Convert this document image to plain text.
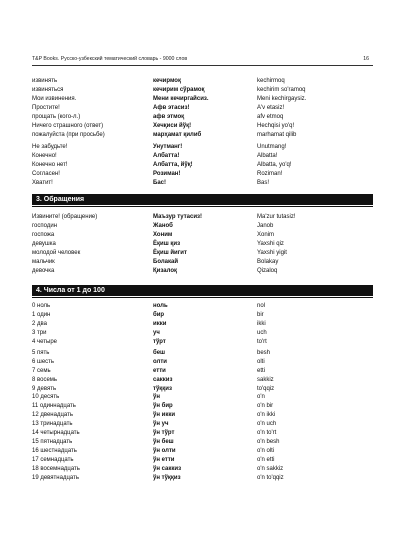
T&P Books. Русско-узбекский тематический словарь - 9000 слов	16
извинять	кечирмоқ	kechirmoq
извиняться	кечирим сўрамоқ	kechirim so'ramoq
Мои извинения.	Мени кечиргайсиз.	Meni kechirgaysiz.
Простите!	Афв этасиз!	A'v etasiz!
прощать (кого-л.)	афв этмоқ	afv etmoq
Ничего страшного (ответ)	Хечқиси йўқ!	Hechqisi yo'q!
пожалуйста (при просьбе)	марҳамат қилиб	marhamat qilib
Не забудьте!	Унутманг!	Unutmang!
Конечно!	Албатта!	Albatta!
Конечно нет!	Албатта, йўқ!	Albatta, yo'q!
Согласен!	Розиман!	Roziman!
Хватит!	Бас!	Bas!
3. Обращения
Извините! (обращение)	Маъзур тутасиз!	Ma'zur tutasiz!
господин	Жаноб	Janob
госпожа	Хоним	Xonim
девушка	Ёқиш қиз	Yaxshi qiz
молодой человек	Ёқиш йигит	Yaxshi yigit
мальчик	Болакай	Bolakay
девочка	Қизалоқ	Qizaloq
4. Числа от 1 до 100
0 ноль	ноль	nol
1 один	бир	bir
2 два	икки	ikki
3 три	уч	uch
4 четыре	тўрт	to'rt
5 пять	беш	besh
6 шесть	олти	olti
7 семь	етти	etti
8 восемь	саккиз	sakkiz
9 девять	тўққиз	to'qqiz
10 десять	ўн	o'n
11 одиннадцать	ўн бир	o'n bir
12 двенадцать	ўн икки	o'n ikki
13 тринадцать	ўн уч	o'n uch
14 четырнадцать	ўн тўрт	o'n to'rt
15 пятнадцать	ўн беш	o'n besh
16 шестнадцать	ўн олти	o'n olti
17 семнадцать	ўн етти	o'n etti
18 восемнадцать	ўн саккиз	o'n sakkiz
19 девятнадцать	ўн тўққиз	o'n to'qqiz
